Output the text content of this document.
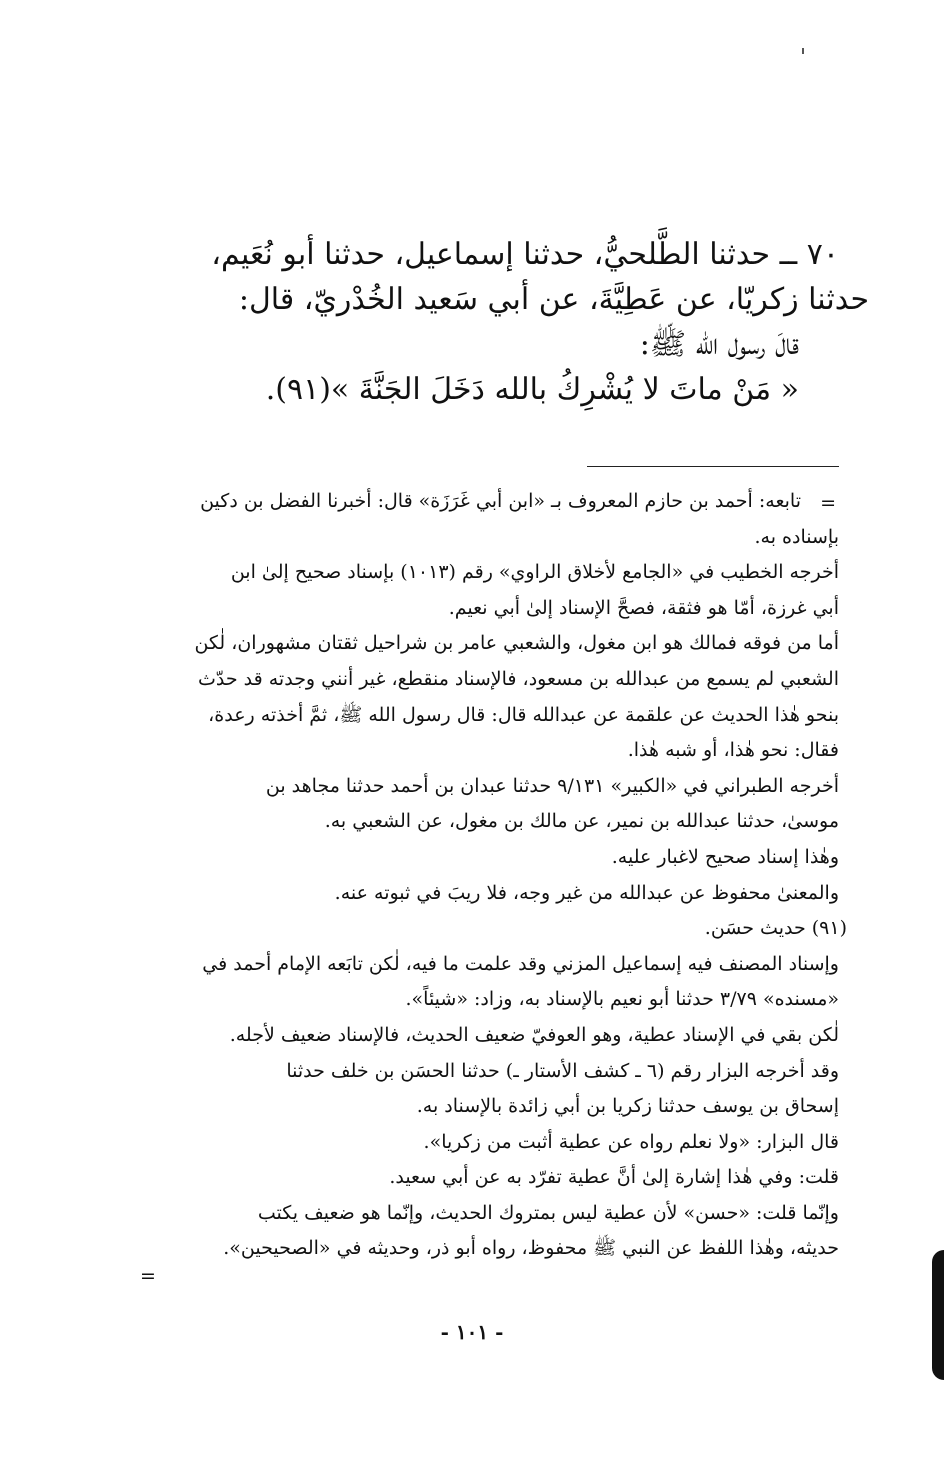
٧٠ ــ حدثنا الطَّلحيُّ، حدثنا إسماعيل، حدثنا أبو نُعَيم،
حدثنا زكريّا، عن عَطِيَّةَ، عن أبي سَعيد الخُدْريّ، قال:
قالَ رسول الله ﷺ:
« مَنْ ماتَ لا يُشْرِكُ بالله دَخَلَ الجَنَّةَ »(٩١).
=
تابعه: أحمد بن حازم المعروف بـ «ابن أبي غَرَزَة» قال: أخبرنا الفضل بن دكين
بإسناده به.
أخرجه الخطيب في «الجامع لأخلاق الراوي» رقم (١٠١٣) بإسناد صحيح إلىٰ ابن
أبي غرزة، أمّا هو فثقة، فصحَّ الإسناد إلىٰ أبي نعيم.
أما من فوقه فمالك هو ابن مغول، والشعبي عامر بن شراحيل ثقتان مشهوران، لٰكن
الشعبي لم يسمع من عبدالله بن مسعود، فالإسناد منقطع، غير أنني وجدته قد حدّث
بنحو هٰذا الحديث عن علقمة عن عبدالله قال: قال رسول الله ﷺ، ثمَّ أخذته رعدة،
فقال: نحو هٰذا، أو شبه هٰذا.
أخرجه الطبراني في «الكبير» ٩/١٣١ حدثنا عبدان بن أحمد حدثنا مجاهد بن
موسىٰ، حدثنا عبدالله بن نمير، عن مالك بن مغول، عن الشعبي به.
وهٰذا إسناد صحيح لاغبار عليه.
والمعنىٰ محفوظ عن عبدالله من غير وجه، فلا ريبَ في ثبوته عنه.
(٩١) حديث حسَن.
وإسناد المصنف فيه إسماعيل المزني وقد علمت ما فيه، لٰكن تابَعه الإمام أحمد في
«مسنده» ٣/٧٩ حدثنا أبو نعيم بالإسناد به، وزاد: «شيئاً».
لٰكن بقي في الإسناد عطية، وهو العوفيّ ضعيف الحديث، فالإسناد ضعيف لأجله.
وقد أخرجه البزار رقم (٦ ـ كشف الأستار ـ) حدثنا الحسَن بن خلف حدثنا
إسحاق بن يوسف حدثنا زكريا بن أبي زائدة بالإسناد به.
قال البزار: «ولا نعلم رواه عن عطية أثبت من زكريا».
قلت: وفي هٰذا إشارة إلىٰ أنَّ عطية تفرّد به عن أبي سعيد.
وإنّما قلت: «حسن» لأن عطية ليس بمتروك الحديث، وإنّما هو ضعيف يكتب
حديثه، وهٰذا اللفظ عن النبي ﷺ محفوظ، رواه أبو ذر، وحديثه في «الصحيحين».
=
- ١٠١ -
